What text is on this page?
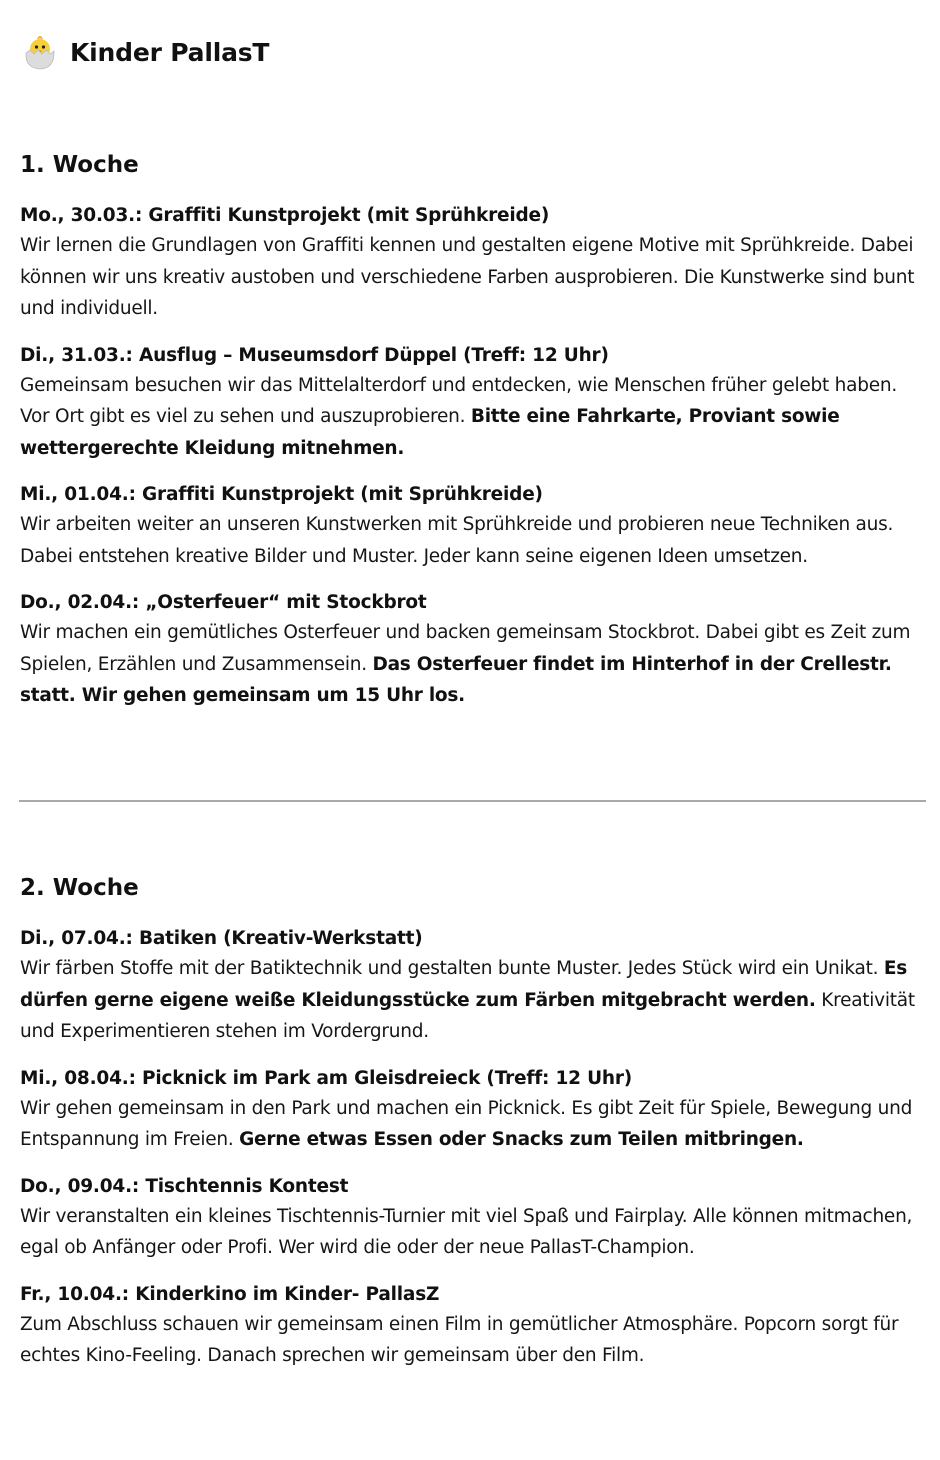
Kinder PallasT
1. Woche
Mo., 30.03.: Graffiti Kunstprojekt (mit Sprühkreide)
Wir lernen die Grundlagen von Graffiti kennen und gestalten eigene Motive mit Sprühkreide. Dabei können wir uns kreativ austoben und verschiedene Farben ausprobieren. Die Kunstwerke sind bunt und individuell.
Di., 31.03.: Ausflug – Museumsdorf Düppel (Treff: 12 Uhr)
Gemeinsam besuchen wir das Mittelalterdorf und entdecken, wie Menschen früher gelebt haben. Vor Ort gibt es viel zu sehen und auszuprobieren. Bitte eine Fahrkarte, Proviant sowie wettergerechte Kleidung mitnehmen.
Mi., 01.04.: Graffiti Kunstprojekt (mit Sprühkreide)
Wir arbeiten weiter an unseren Kunstwerken mit Sprühkreide und probieren neue Techniken aus. Dabei entstehen kreative Bilder und Muster. Jeder kann seine eigenen Ideen umsetzen.
Do., 02.04.: „Osterfeuer“ mit Stockbrot
Wir machen ein gemütliches Osterfeuer und backen gemeinsam Stockbrot. Dabei gibt es Zeit zum Spielen, Erzählen und Zusammensein. Das Osterfeuer findet im Hinterhof in der Crellestr. statt. Wir gehen gemeinsam um 15 Uhr los.
2. Woche
Di., 07.04.: Batiken (Kreativ-Werkstatt)
Wir färben Stoffe mit der Batiktechnik und gestalten bunte Muster. Jedes Stück wird ein Unikat. Es dürfen gerne eigene weiße Kleidungsstücke zum Färben mitgebracht werden. Kreativität und Experimentieren stehen im Vordergrund.
Mi., 08.04.: Picknick im Park am Gleisdreieck (Treff: 12 Uhr)
Wir gehen gemeinsam in den Park und machen ein Picknick. Es gibt Zeit für Spiele, Bewegung und Entspannung im Freien. Gerne etwas Essen oder Snacks zum Teilen mitbringen.
Do., 09.04.: Tischtennis Kontest
Wir veranstalten ein kleines Tischtennis-Turnier mit viel Spaß und Fairplay. Alle können mitmachen, egal ob Anfänger oder Profi. Wer wird die oder der neue PallasT-Champion.
Fr., 10.04.: Kinderkino im Kinder- PallasZ
Zum Abschluss schauen wir gemeinsam einen Film in gemütlicher Atmosphäre. Popcorn sorgt für echtes Kino-Feeling. Danach sprechen wir gemeinsam über den Film.
